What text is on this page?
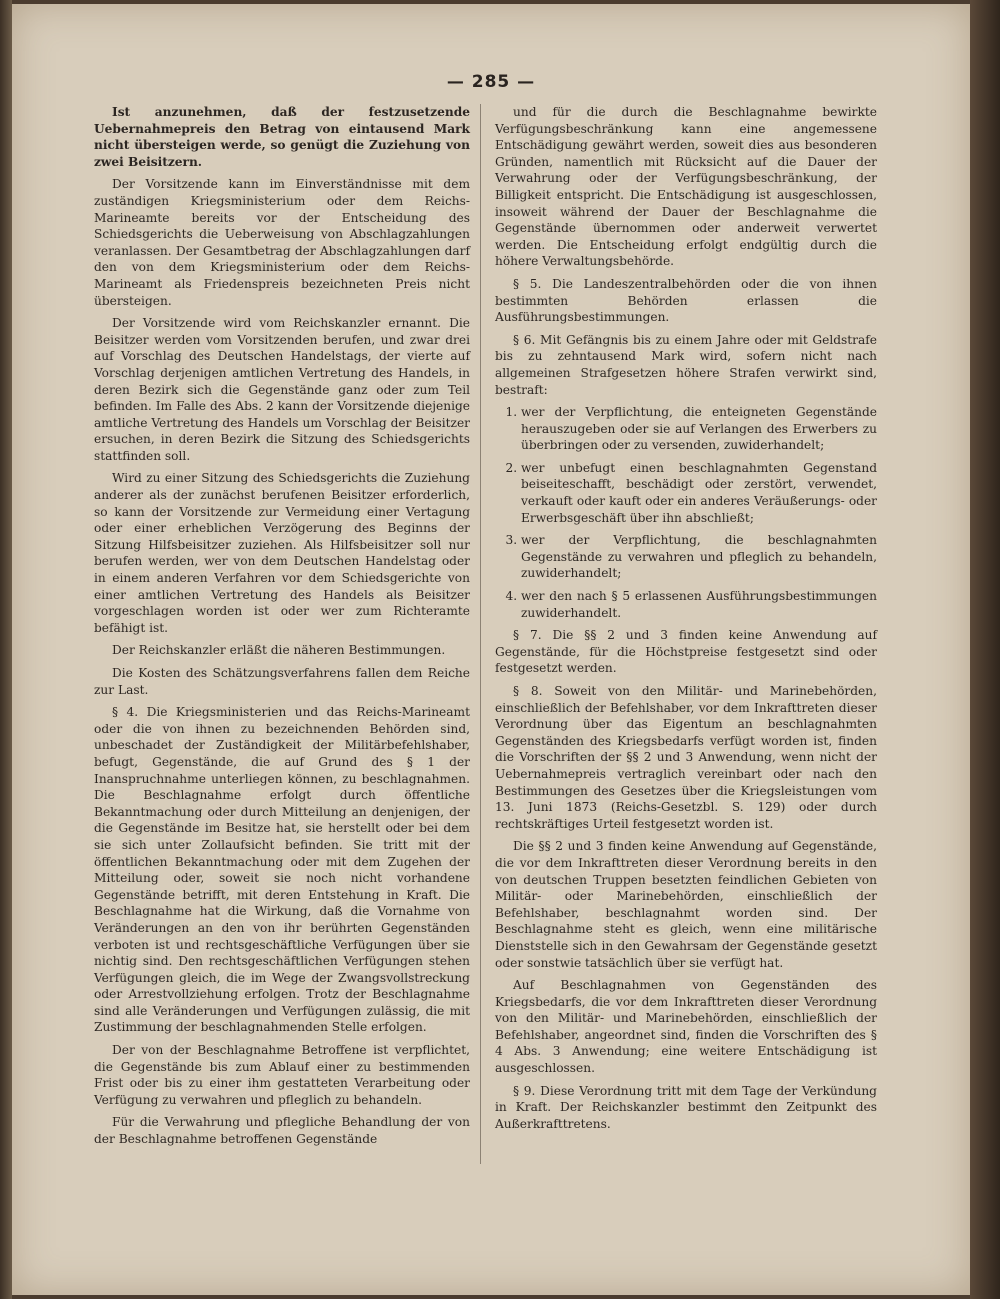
— 285 —

Ist anzunehmen, daß der festzusetzende Uebernahmepreis den Betrag von eintausend Mark nicht übersteigen werde, so genügt die Zuziehung von zwei Beisitzern.

Der Vorsitzende kann im Einverständnisse mit dem zuständigen Kriegsministerium oder dem Reichs-Marineamte bereits vor der Entscheidung des Schiedsgerichts die Ueberweisung von Abschlagzahlungen veranlassen. Der Gesamtbetrag der Abschlagzahlungen darf den von dem Kriegsministerium oder dem Reichs-Marineamt als Friedenspreis bezeichneten Preis nicht übersteigen.

Der Vorsitzende wird vom Reichskanzler ernannt. Die Beisitzer werden vom Vorsitzenden berufen, und zwar drei auf Vorschlag des Deutschen Handelstags, der vierte auf Vorschlag derjenigen amtlichen Vertretung des Handels, in deren Bezirk sich die Gegenstände ganz oder zum Teil befinden. Im Falle des Abs. 2 kann der Vorsitzende diejenige amtliche Vertretung des Handels um Vorschlag der Beisitzer ersuchen, in deren Bezirk die Sitzung des Schiedsgerichts stattfinden soll.

Wird zu einer Sitzung des Schiedsgerichts die Zuziehung anderer als der zunächst berufenen Beisitzer erforderlich, so kann der Vorsitzende zur Vermeidung einer Vertagung oder einer erheblichen Verzögerung des Beginns der Sitzung Hilfsbeisitzer zuziehen. Als Hilfsbeisitzer soll nur berufen werden, wer von dem Deutschen Handelstag oder in einem anderen Verfahren vor dem Schiedsgerichte von einer amtlichen Vertretung des Handels als Beisitzer vorgeschlagen worden ist oder wer zum Richteramte befähigt ist.

Der Reichskanzler erläßt die näheren Bestimmungen.

Die Kosten des Schätzungsverfahrens fallen dem Reiche zur Last.

§ 4. Die Kriegsministerien und das Reichs-Marineamt oder die von ihnen zu bezeichnenden Behörden sind, unbeschadet der Zuständigkeit der Militärbefehlshaber, befugt, Gegenstände, die auf Grund des § 1 der Inanspruchnahme unterliegen können, zu beschlagnahmen. Die Beschlagnahme erfolgt durch öffentliche Bekanntmachung oder durch Mitteilung an denjenigen, der die Gegenstände im Besitze hat, sie herstellt oder bei dem sie sich unter Zollaufsicht befinden. Sie tritt mit der öffentlichen Bekanntmachung oder mit dem Zugehen der Mitteilung oder, soweit sie noch nicht vorhandene Gegenstände betrifft, mit deren Entstehung in Kraft. Die Beschlagnahme hat die Wirkung, daß die Vornahme von Veränderungen an den von ihr berührten Gegenständen verboten ist und rechtsgeschäftliche Verfügungen über sie nichtig sind. Den rechtsgeschäftlichen Verfügungen stehen Verfügungen gleich, die im Wege der Zwangsvollstreckung oder Arrestvollziehung erfolgen. Trotz der Beschlagnahme sind alle Veränderungen und Verfügungen zulässig, die mit Zustimmung der beschlagnahmenden Stelle erfolgen.

Der von der Beschlagnahme Betroffene ist verpflichtet, die Gegenstände bis zum Ablauf einer zu bestimmenden Frist oder bis zu einer ihm gestatteten Verarbeitung oder Verfügung zu verwahren und pfleglich zu behandeln.

Für die Verwahrung und pflegliche Behandlung der von der Beschlagnahme betroffenen Gegenstände

und für die durch die Beschlagnahme bewirkte Verfügungsbeschränkung kann eine angemessene Entschädigung gewährt werden, soweit dies aus besonderen Gründen, namentlich mit Rücksicht auf die Dauer der Verwahrung oder der Verfügungsbeschränkung, der Billigkeit entspricht. Die Entschädigung ist ausgeschlossen, insoweit während der Dauer der Beschlagnahme die Gegenstände übernommen oder anderweit verwertet werden. Die Entscheidung erfolgt endgültig durch die höhere Verwaltungsbehörde.

§ 5. Die Landeszentralbehörden oder die von ihnen bestimmten Behörden erlassen die Ausführungsbestimmungen.

§ 6. Mit Gefängnis bis zu einem Jahre oder mit Geldstrafe bis zu zehntausend Mark wird, sofern nicht nach allgemeinen Strafgesetzen höhere Strafen verwirkt sind, bestraft:

1. wer der Verpflichtung, die enteigneten Gegenstände herauszugeben oder sie auf Verlangen des Erwerbers zu überbringen oder zu versenden, zuwiderhandelt;
2. wer unbefugt einen beschlagnahmten Gegenstand beiseiteschafft, beschädigt oder zerstört, verwendet, verkauft oder kauft oder ein anderes Veräußerungs- oder Erwerbsgeschäft über ihn abschließt;
3. wer der Verpflichtung, die beschlagnahmten Gegenstände zu verwahren und pfleglich zu behandeln, zuwiderhandelt;
4. wer den nach § 5 erlassenen Ausführungsbestimmungen zuwiderhandelt.

§ 7. Die §§ 2 und 3 finden keine Anwendung auf Gegenstände, für die Höchstpreise festgesetzt sind oder festgesetzt werden.

§ 8. Soweit von den Militär- und Marinebehörden, einschließlich der Befehlshaber, vor dem Inkrafttreten dieser Verordnung über das Eigentum an beschlagnahmten Gegenständen des Kriegsbedarfs verfügt worden ist, finden die Vorschriften der §§ 2 und 3 Anwendung, wenn nicht der Uebernahmepreis vertraglich vereinbart oder nach den Bestimmungen des Gesetzes über die Kriegsleistungen vom 13. Juni 1873 (Reichs-Gesetzbl. S. 129) oder durch rechtskräftiges Urteil festgesetzt worden ist.

Die §§ 2 und 3 finden keine Anwendung auf Gegenstände, die vor dem Inkrafttreten dieser Verordnung bereits in den von deutschen Truppen besetzten feindlichen Gebieten von Militär- oder Marinebehörden, einschließlich der Befehlshaber, beschlagnahmt worden sind. Der Beschlagnahme steht es gleich, wenn eine militärische Dienststelle sich in den Gewahrsam der Gegenstände gesetzt oder sonstwie tatsächlich über sie verfügt hat.

Auf Beschlagnahmen von Gegenständen des Kriegsbedarfs, die vor dem Inkrafttreten dieser Verordnung von den Militär- und Marinebehörden, einschließlich der Befehlshaber, angeordnet sind, finden die Vorschriften des § 4 Abs. 3 Anwendung; eine weitere Entschädigung ist ausgeschlossen.

§ 9. Diese Verordnung tritt mit dem Tage der Verkündung in Kraft. Der Reichskanzler bestimmt den Zeitpunkt des Außerkrafttretens.
